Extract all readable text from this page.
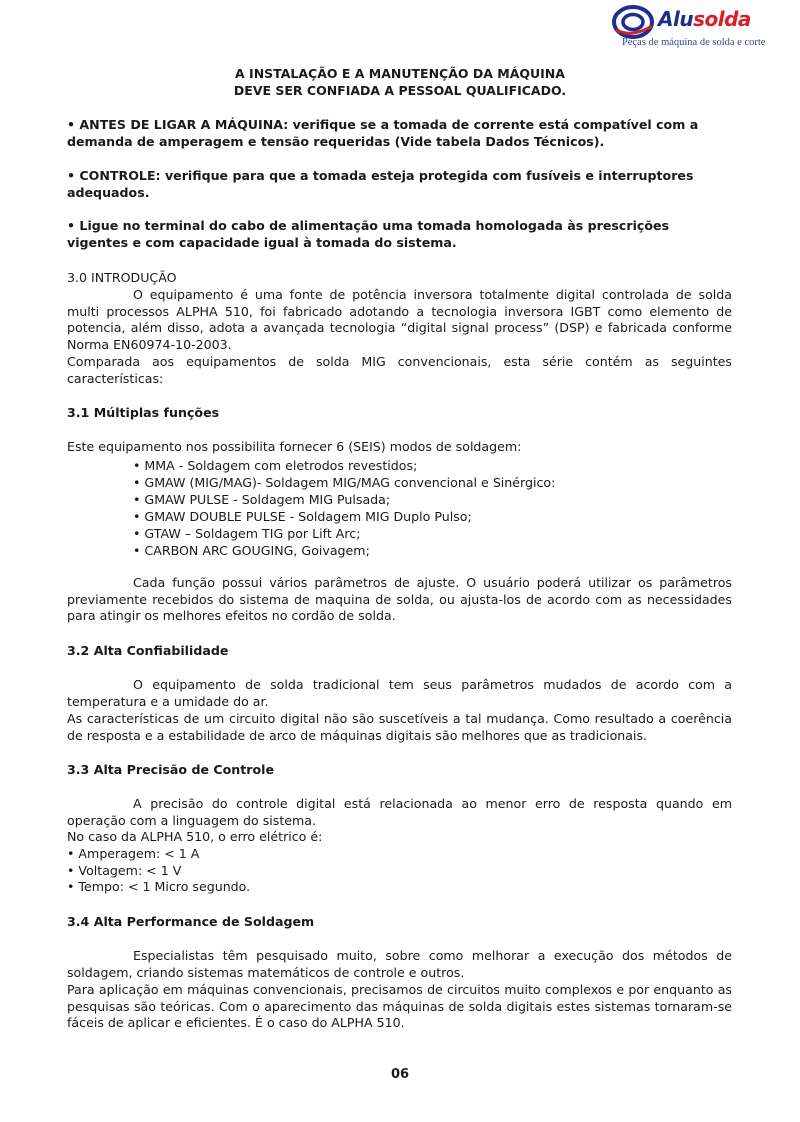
Alusolda
Peças de máquina de solda e corte
A INSTALAÇÃO E A MANUTENÇÃO DA MÁQUINA
DEVE SER CONFIADA A PESSOAL QUALIFICADO.

• ANTES DE LIGAR A MÁQUINA: verifique se a tomada de corrente está compatível com a demanda de amperagem e tensão requeridas (Vide tabela Dados Técnicos).

• CONTROLE: verifique para que a tomada esteja protegida com fusíveis e interruptores adequados.

• Ligue no terminal do cabo de alimentação uma tomada homologada às prescrições vigentes e com capacidade igual à tomada do sistema.

3.0 INTRODUÇÃO

O equipamento é uma fonte de potência inversora totalmente digital controlada de solda multi processos ALPHA 510, foi fabricado adotando a tecnologia inversora IGBT como elemento de potencia, além disso, adota a avançada tecnologia “digital signal process” (DSP) e fabricada conforme Norma EN60974-10-2003.

Comparada aos equipamentos de solda MIG convencionais, esta série contém as seguintes características:

3.1 Múltiplas funções

Este equipamento nos possibilita fornecer 6 (SEIS) modos de soldagem:

• MMA - Soldagem com eletrodos revestidos;
• GMAW (MIG/MAG)- Soldagem MIG/MAG convencional e Sinérgico:
• GMAW PULSE - Soldagem MIG Pulsada;
• GMAW DOUBLE PULSE - Soldagem MIG Duplo Pulso;
• GTAW – Soldagem TIG por Lift Arc;
• CARBON ARC GOUGING, Goivagem;

Cada função possui vários parâmetros de ajuste. O usuário poderá utilizar os parâmetros previamente recebidos do sistema de maquina de solda, ou ajusta-los de acordo com as necessidades para atingir os melhores efeitos no cordão de solda.

3.2 Alta Confiabilidade

O equipamento de solda tradicional tem seus parâmetros mudados de acordo com a temperatura e a umidade do ar.

As características de um circuito digital não são suscetíveis a tal mudança. Como resultado a coerência de resposta e a estabilidade de arco de máquinas digitais são melhores que as tradicionais.

3.3 Alta Precisão de Controle

A precisão do controle digital está relacionada ao menor erro de resposta quando em operação com a linguagem do sistema.

No caso da ALPHA 510, o erro elétrico é:

• Amperagem: < 1 A
• Voltagem: < 1 V
• Tempo: < 1 Micro segundo.

3.4 Alta Performance de Soldagem

Especialistas têm pesquisado muito, sobre como melhorar a execução dos métodos de soldagem, criando sistemas matemáticos de controle e outros.

Para aplicação em máquinas convencionais, precisamos de circuitos muito complexos e por enquanto as pesquisas são teóricas. Com o aparecimento das máquinas de solda digitais estes sistemas tornaram-se fáceis de aplicar e eficientes. É o caso do ALPHA 510.

06
